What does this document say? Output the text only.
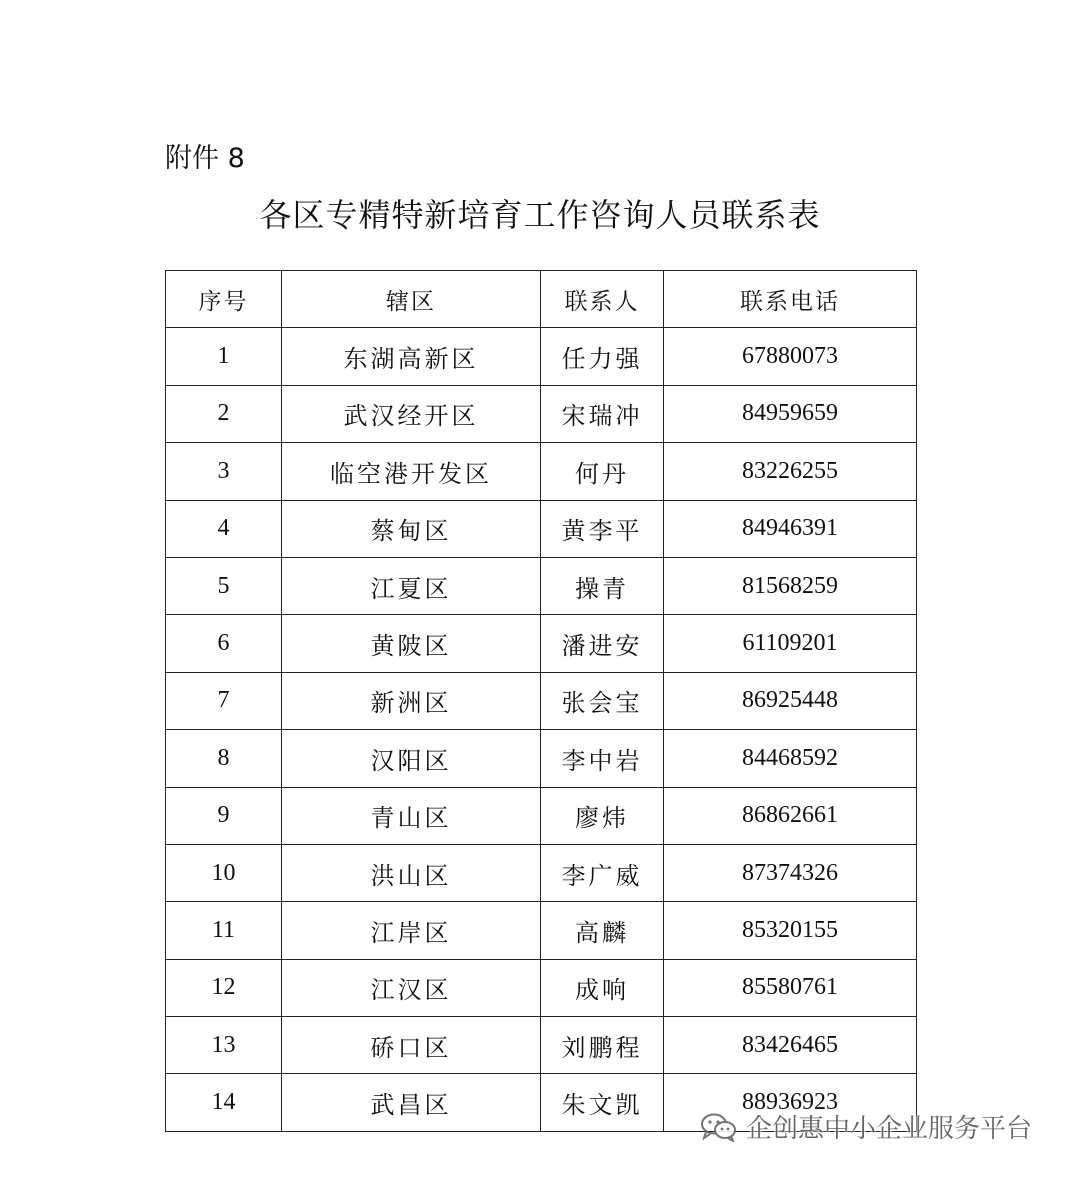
附件 8
各区专精特新培育工作咨询人员联系表
序号	辖区	联系人	联系电话
1	东湖高新区	任力强	67880073
2	武汉经开区	宋瑞冲	84959659
3	临空港开发区	何丹	83226255
4	蔡甸区	黄李平	84946391
5	江夏区	操青	81568259
6	黄陂区	潘进安	61109201
7	新洲区	张会宝	86925448
8	汉阳区	李中岩	84468592
9	青山区	廖炜	86862661
10	洪山区	李广威	87374326
11	江岸区	高麟	85320155
12	江汉区	成响	85580761
13	硚口区	刘鹏程	83426465
14	武昌区	朱文凯	88936923
企创惠中小企业服务平台
